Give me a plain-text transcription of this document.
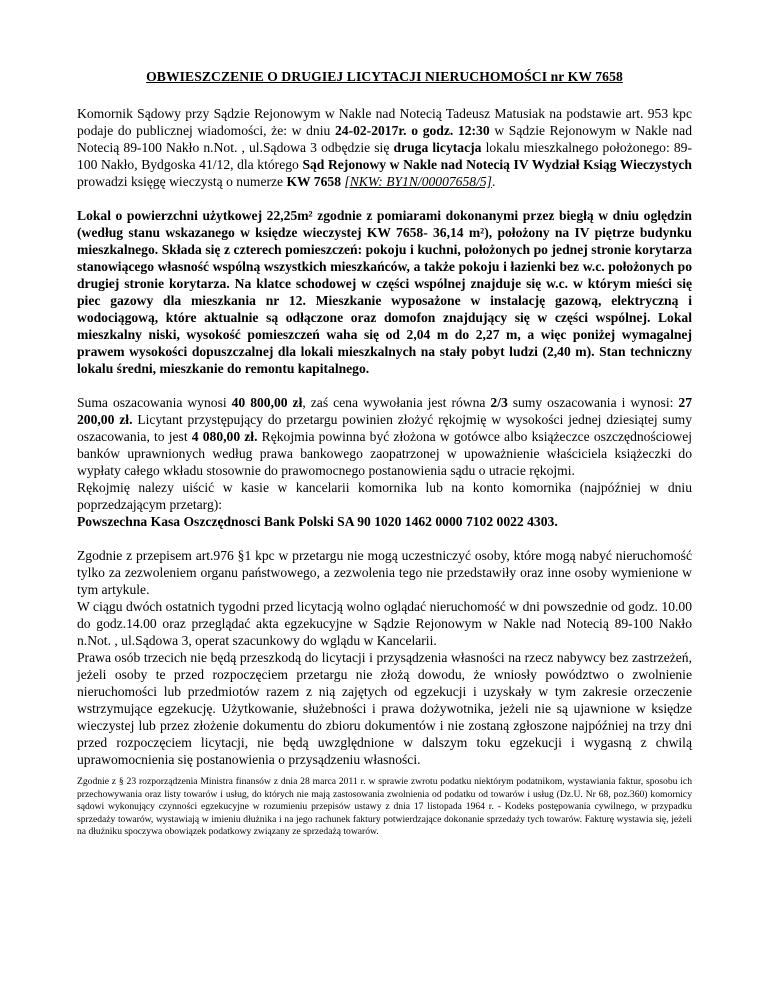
OBWIESZCZENIE O DRUGIEJ LICYTACJI NIERUCHOMOŚCI nr KW 7658

Komornik Sądowy przy Sądzie Rejonowym w Nakle nad Notecią Tadeusz Matusiak na podstawie art. 953 kpc podaje do publicznej wiadomości, że: w dniu 24-02-2017r. o godz. 12:30 w Sądzie Rejonowym w Nakle nad Notecią 89-100 Nakło n.Not. , ul.Sądowa 3 odbędzie się druga licytacja lokalu mieszkalnego położonego: 89-100 Nakło, Bydgoska 41/12, dla którego Sąd Rejonowy w Nakle nad Notecią IV Wydział Ksiąg Wieczystych prowadzi księgę wieczystą o numerze KW 7658 [NKW: BY1N/00007658/5].

Lokal o powierzchni użytkowej 22,25m² zgodnie z pomiarami dokonanymi przez biegłą w dniu oględzin (według stanu wskazanego w księdze wieczystej KW 7658- 36,14 m²), położony na IV piętrze budynku mieszkalnego. Składa się z czterech pomieszczeń: pokoju i kuchni, położonych po jednej stronie korytarza stanowiącego własność wspólną wszystkich mieszkańców, a także pokoju i łazienki bez w.c. położonych po drugiej stronie korytarza. Na klatce schodowej w części wspólnej znajduje się w.c. w którym mieści się piec gazowy dla mieszkania nr 12. Mieszkanie wyposażone w instalację gazową, elektryczną i wodociągową, które aktualnie są odłączone oraz domofon znajdujący się w części wspólnej. Lokal mieszkalny niski, wysokość pomieszczeń waha się od 2,04 m do 2,27 m, a więc poniżej wymagalnej prawem wysokości dopuszczalnej dla lokali mieszkalnych na stały pobyt ludzi (2,40 m). Stan techniczny lokalu średni, mieszkanie do remontu kapitalnego.

Suma oszacowania wynosi 40 800,00 zł, zaś cena wywołania jest równa 2/3 sumy oszacowania i wynosi: 27 200,00 zł. Licytant przystępujący do przetargu powinien złożyć rękojmię w wysokości jednej dziesiątej sumy oszacowania, to jest 4 080,00 zł. Rękojmia powinna być złożona w gotówce albo książeczce oszczędnościowej banków uprawnionych według prawa bankowego zaopatrzonej w upoważnienie właściciela książeczki do wypłaty całego wkładu stosownie do prawomocnego postanowienia sądu o utracie rękojmi.

Rękojmię nalezy uiścić w kasie w kancelarii komornika lub na konto komornika (najpóźniej w dniu poprzedzającym przetarg):

Powszechna Kasa Oszczędnosci Bank Polski SA 90 1020 1462 0000 7102 0022 4303.

Zgodnie z przepisem art.976 §1 kpc w przetargu nie mogą uczestniczyć osoby, które mogą nabyć nieruchomość tylko za zezwoleniem organu państwowego, a zezwolenia tego nie przedstawiły oraz inne osoby wymienione w tym artykule.

W ciągu dwóch ostatnich tygodni przed licytacją wolno oglądać nieruchomość w dni powszednie od godz. 10.00 do godz.14.00 oraz przeglądać akta egzekucyjne w Sądzie Rejonowym w Nakle nad Notecią 89-100 Nakło n.Not. , ul.Sądowa 3, operat szacunkowy do wglądu w Kancelarii.

Prawa osób trzecich nie będą przeszkodą do licytacji i przysądzenia własności na rzecz nabywcy bez zastrzeżeń, jeżeli osoby te przed rozpoczęciem przetargu nie złożą dowodu, że wniosły powództwo o zwolnienie nieruchomości lub przedmiotów razem z nią zajętych od egzekucji i uzyskały w tym zakresie orzeczenie wstrzymujące egzekucję. Użytkowanie, służebności i prawa dożywotnika, jeżeli nie są ujawnione w księdze wieczystej lub przez złożenie dokumentu do zbioru dokumentów i nie zostaną zgłoszone najpóźniej na trzy dni przed rozpoczęciem licytacji, nie będą uwzględnione w dalszym toku egzekucji i wygasną z chwilą uprawomocnienia się postanowienia o przysądzeniu własności.

Zgodnie z § 23 rozporządzenia Ministra finansów z dnia 28 marca 2011 r. w sprawie zwrotu podatku niektórym podatnikom, wystawiania faktur, sposobu ich przechowywania oraz listy towarów i usług, do których nie mają zastosowania zwolnienia od podatku od towarów i usług (Dz.U. Nr 68, poz.360) komornicy sądowi wykonujący czynności egzekucyjne w rozumieniu przepisów ustawy z dnia 17 listopada 1964 r. - Kodeks postępowania cywilnego, w przypadku sprzedaży towarów, wystawiają w imieniu dłużnika i na jego rachunek faktury potwierdzające dokonanie sprzedaży tych towarów. Fakturę wystawia się, jeżeli na dłużniku spoczywa obowiązek podatkowy związany ze sprzedażą towarów.
